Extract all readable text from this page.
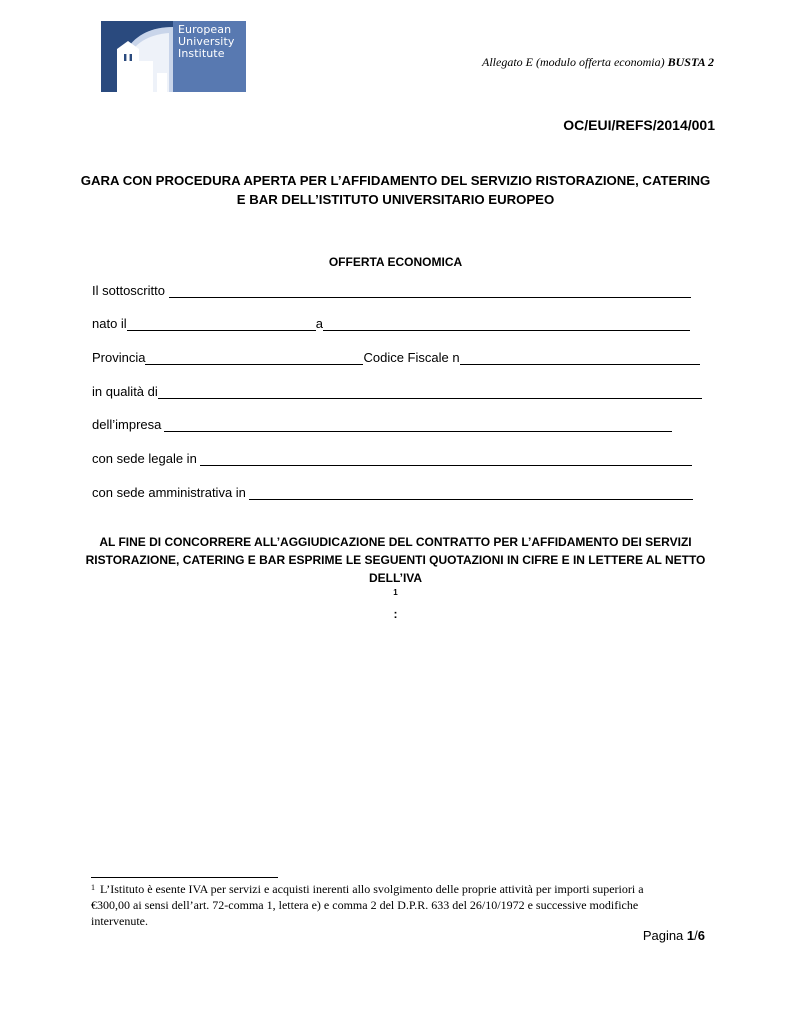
European
University
Institute
Allegato E (modulo offerta economia) BUSTA 2
OC/EUI/REFS/2014/001
GARA CON PROCEDURA APERTA PER L’AFFIDAMENTO DEL SERVIZIO RISTORAZIONE, CATERING
E BAR DELL’ISTITUTO UNIVERSITARIO EUROPEO
OFFERTA ECONOMICA
Il sottoscritto
nato il	a
Provincia	Codice Fiscale n
in qualità di
dell’impresa
con sede legale in
con sede amministrativa in
AL FINE DI CONCORRERE ALL’AGGIUDICAZIONE DEL CONTRATTO PER L’AFFIDAMENTO DEI SERVIZI
RISTORAZIONE, CATERING E BAR ESPRIME LE SEGUENTI QUOTAZIONI IN CIFRE E IN LETTERE AL NETTO
DELL’IVA
$^1$
:
$^1$ L’Istituto è esente IVA per servizi e acquisti inerenti allo svolgimento delle proprie attività per importi superiori a
€300,00 ai sensi dell’art. 72-comma 1, lettera e) e comma 2 del D.P.R. 633 del 26/10/1972 e successive modifiche
intervenute.
Pagina 1/6
